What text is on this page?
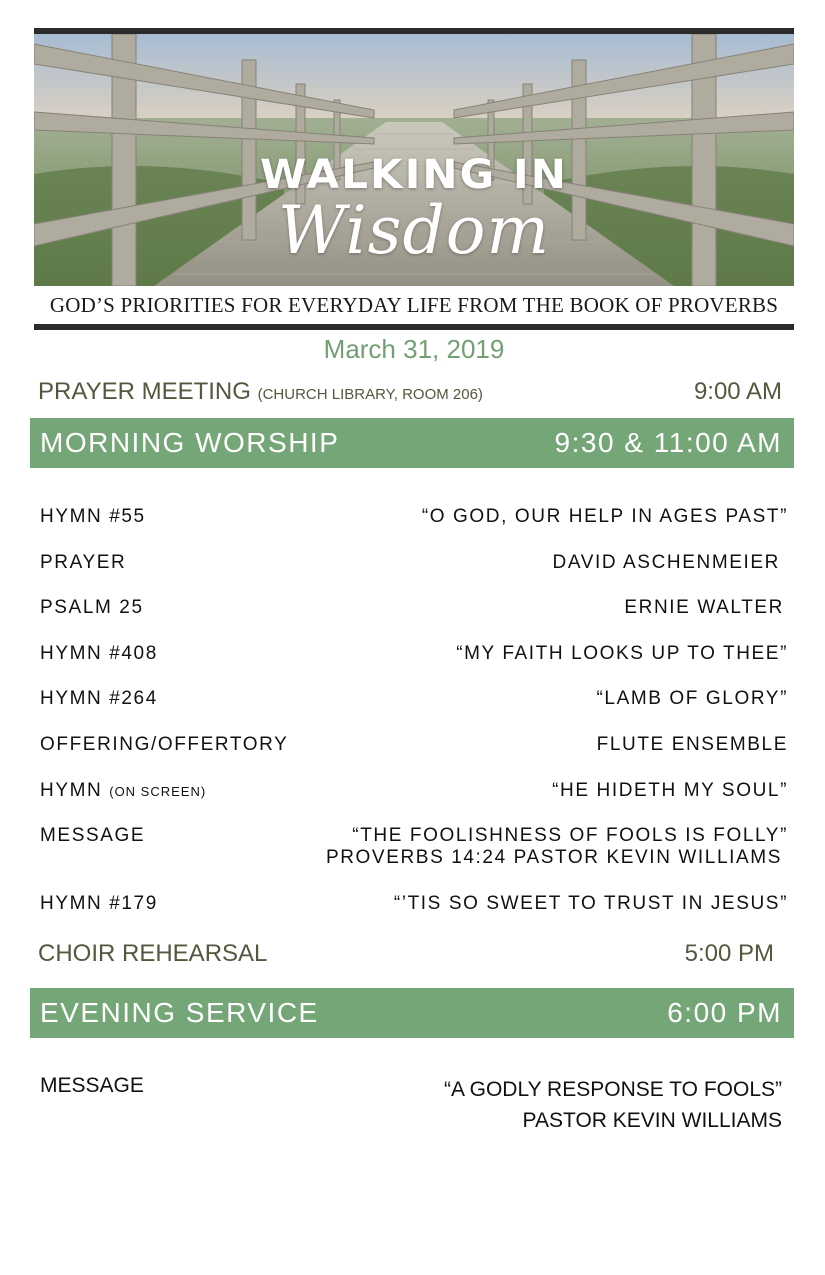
WALKING IN
Wisdom
GOD’S PRIORITIES FOR EVERYDAY LIFE FROM THE BOOK OF PROVERBS
March 31, 2019
PRAYER MEETING (CHURCH LIBRARY, ROOM 206)	9:00 AM
MORNING WORSHIP	9:30 & 11:00 AM
HYMN #55	“O GOD, OUR HELP IN AGES PAST”
PRAYER	DAVID ASCHENMEIER
PSALM 25	ERNIE WALTER
HYMN #408	“MY FAITH LOOKS UP TO THEE”
HYMN #264	“LAMB OF GLORY”
OFFERING/OFFERTORY	FLUTE ENSEMBLE
HYMN (ON SCREEN)	“HE HIDETH MY SOUL”
MESSAGE	“THE FOOLISHNESS OF FOOLS IS FOLLY”
PROVERBS 14:24 PASTOR KEVIN WILLIAMS
HYMN #179	“’TIS SO SWEET TO TRUST IN JESUS”
CHOIR REHEARSAL	5:00 PM
EVENING SERVICE	6:00 PM
MESSAGE	“A GODLY RESPONSE TO FOOLS”
PASTOR KEVIN WILLIAMS
